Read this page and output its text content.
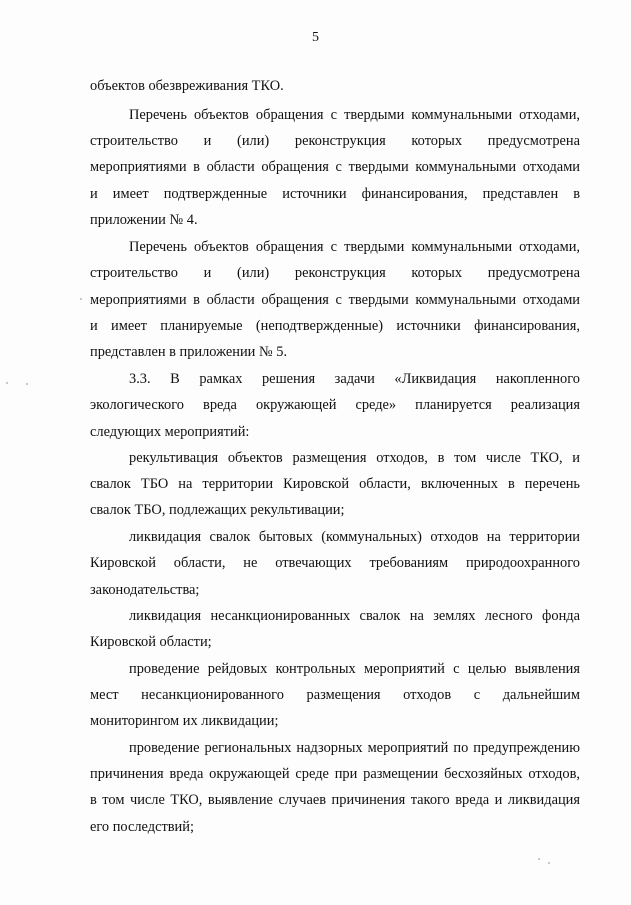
5
объектов обезвреживания ТКО.
Перечень объектов обращения с твердыми коммунальными отходами,
строительство и (или) реконструкция которых предусмотрена
мероприятиями в области обращения с твердыми коммунальными отходами
и имеет подтвержденные источники финансирования, представлен в
приложении № 4.
Перечень объектов обращения с твердыми коммунальными отходами,
строительство и (или) реконструкция которых предусмотрена
мероприятиями в области обращения с твердыми коммунальными отходами
и имеет планируемые (неподтвержденные) источники финансирования,
представлен в приложении № 5.
3.3. В рамках решения задачи «Ликвидация накопленного
экологического вреда окружающей среде» планируется реализация
следующих мероприятий:
рекультивация объектов размещения отходов, в том числе ТКО, и
свалок ТБО на территории Кировской области, включенных в перечень
свалок ТБО, подлежащих рекультивации;
ликвидация свалок бытовых (коммунальных) отходов на территории
Кировской области, не отвечающих требованиям природоохранного
законодательства;
ликвидация несанкционированных свалок на землях лесного фонда
Кировской области;
проведение рейдовых контрольных мероприятий с целью выявления
мест несанкционированного размещения отходов с дальнейшим
мониторингом их ликвидации;
проведение региональных надзорных мероприятий по предупреждению
причинения вреда окружающей среде при размещении бесхозяйных отходов,
в том числе ТКО, выявление случаев причинения такого вреда и ликвидация
его последствий;
